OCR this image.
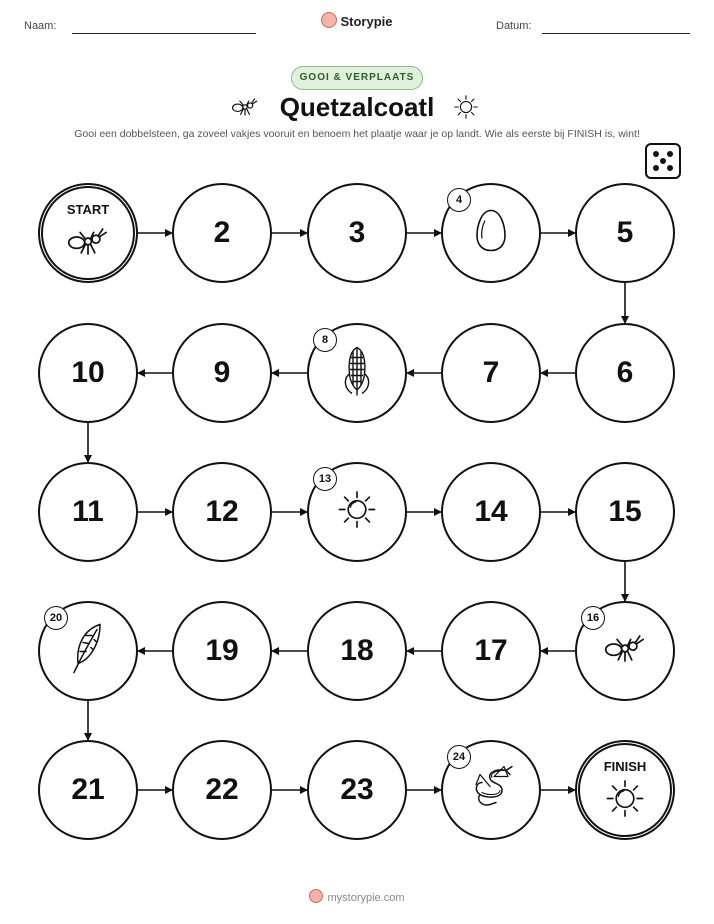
Naam:	Storypie	Datum:
GOOI & VERPLAATS
Quetzalcoatl
Gooi een dobbelsteen, ga zoveel vakjes vooruit en benoem het plaatje waar je op landt. Wie als eerste bij FINISH is, wint!
START
2	3
4
5
6
7
8
9
10
11	12
13
14	15
16
17
18
19
20
21	22	23
24
FINISH
mystorypie.com
